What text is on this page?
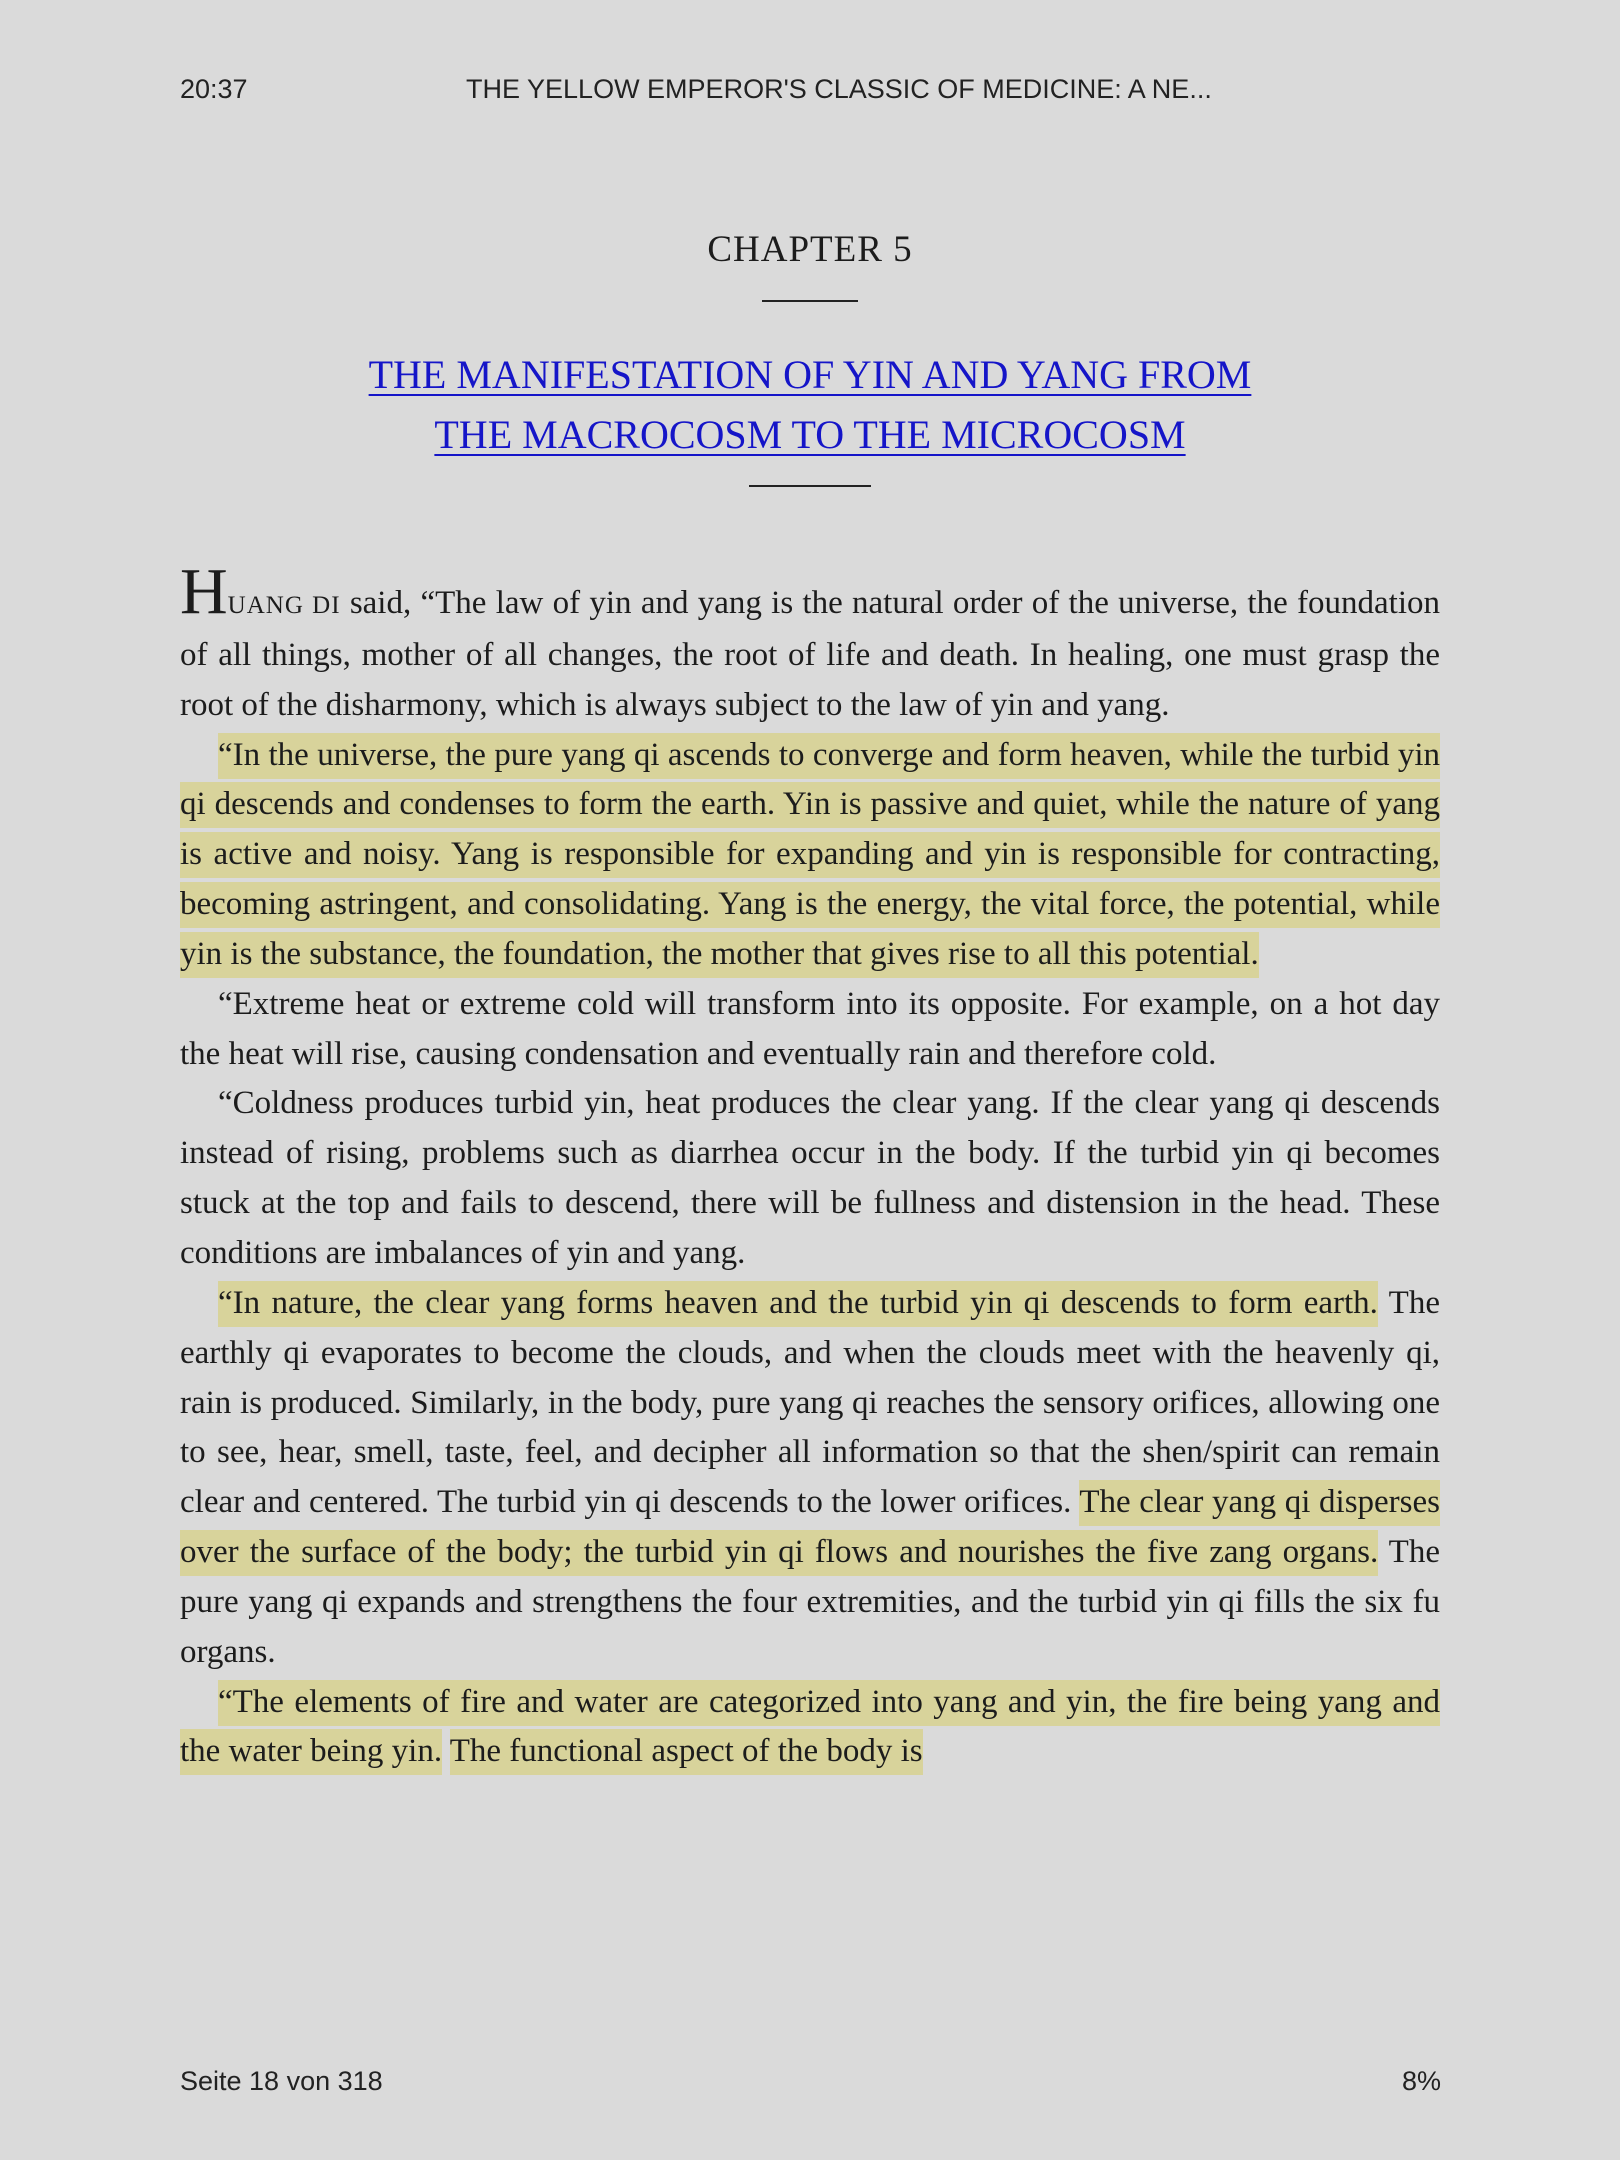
20:37	THE YELLOW EMPEROR'S CLASSIC OF MEDICINE: A NE...
CHAPTER 5
THE MANIFESTATION OF YIN AND YANG FROM
THE MACROCOSM TO THE MICROCOSM

HUANG DI said, “The law of yin and yang is the natural order of the universe, the foundation of all things, mother of all changes, the root of life and death. In healing, one must grasp the root of the disharmony, which is always subject to the law of yin and yang.

“In the universe, the pure yang qi ascends to converge and form heaven, while the turbid yin qi descends and condenses to form the earth. Yin is passive and quiet, while the nature of yang is active and noisy. Yang is responsible for expanding and yin is responsible for contracting, becoming astringent, and consolidating. Yang is the energy, the vital force, the potential, while yin is the substance, the foundation, the mother that gives rise to all this potential.

“Extreme heat or extreme cold will transform into its opposite. For example, on a hot day the heat will rise, causing condensation and eventually rain and therefore cold.

“Coldness produces turbid yin, heat produces the clear yang. If the clear yang qi descends instead of rising, problems such as diarrhea occur in the body. If the turbid yin qi becomes stuck at the top and fails to descend, there will be fullness and distension in the head. These conditions are imbalances of yin and yang.

“In nature, the clear yang forms heaven and the turbid yin qi descends to form earth. The earthly qi evaporates to become the clouds, and when the clouds meet with the heavenly qi, rain is produced. Similarly, in the body, pure yang qi reaches the sensory orifices, allowing one to see, hear, smell, taste, feel, and decipher all information so that the shen/spirit can remain clear and centered. The turbid yin qi descends to the lower orifices. The clear yang qi disperses over the surface of the body; the turbid yin qi flows and nourishes the five zang organs. The pure yang qi expands and strengthens the four extremities, and the turbid yin qi fills the six fu organs.

“The elements of fire and water are categorized into yang and yin, the fire being yang and the water being yin. The functional aspect of the body is

Seite 18 von 318	8%
